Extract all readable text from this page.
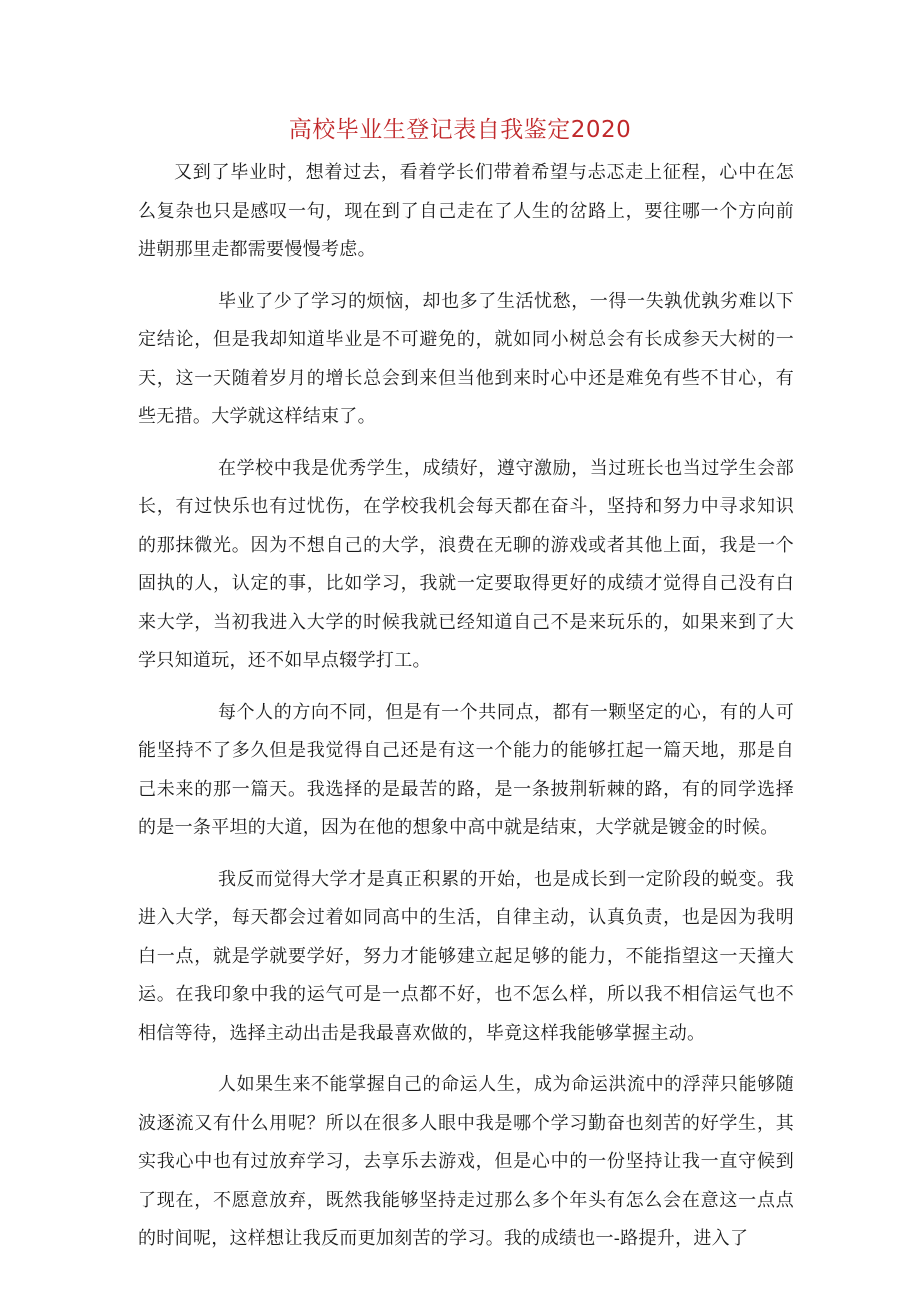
高校毕业生登记表自我鉴定2020

又到了毕业时，想着过去，看着学长们带着希望与忐忑走上征程，心中在怎么复杂也只是感叹一句，现在到了自己走在了人生的岔路上，要往哪一个方向前进朝那里走都需要慢慢考虑。

毕业了少了学习的烦恼，却也多了生活忧愁，一得一失孰优孰劣难以下定结论，但是我却知道毕业是不可避免的，就如同小树总会有长成参天大树的一天，这一天随着岁月的增长总会到来但当他到来时心中还是难免有些不甘心，有些无措。大学就这样结束了。

在学校中我是优秀学生，成绩好，遵守激励，当过班长也当过学生会部长，有过快乐也有过忧伤，在学校我机会每天都在奋斗，坚持和努力中寻求知识的那抹微光。因为不想自己的大学，浪费在无聊的游戏或者其他上面，我是一个固执的人，认定的事，比如学习，我就一定要取得更好的成绩才觉得自己没有白来大学，当初我进入大学的时候我就已经知道自己不是来玩乐的，如果来到了大学只知道玩，还不如早点辍学打工。

每个人的方向不同，但是有一个共同点，都有一颗坚定的心，有的人可能坚持不了多久但是我觉得自己还是有这一个能力的能够扛起一篇天地，那是自己未来的那一篇天。我选择的是最苦的路，是一条披荆斩棘的路，有的同学选择的是一条平坦的大道，因为在他的想象中高中就是结束，大学就是镀金的时候。

我反而觉得大学才是真正积累的开始，也是成长到一定阶段的蜕变。我进入大学，每天都会过着如同高中的生活，自律主动，认真负责，也是因为我明白一点，就是学就要学好，努力才能够建立起足够的能力，不能指望这一天撞大运。在我印象中我的运气可是一点都不好，也不怎么样，所以我不相信运气也不相信等待，选择主动出击是我最喜欢做的，毕竟这样我能够掌握主动。

人如果生来不能掌握自己的命运人生，成为命运洪流中的浮萍只能够随波逐流又有什么用呢？所以在很多人眼中我是哪个学习勤奋也刻苦的好学生，其实我心中也有过放弃学习，去享乐去游戏，但是心中的一份坚持让我一直守候到了现在，不愿意放弃，既然我能够坚持走过那么多个年头有怎么会在意这一点点的时间呢，这样想让我反而更加刻苦的学习。我的成绩也一-路提升，进入了
